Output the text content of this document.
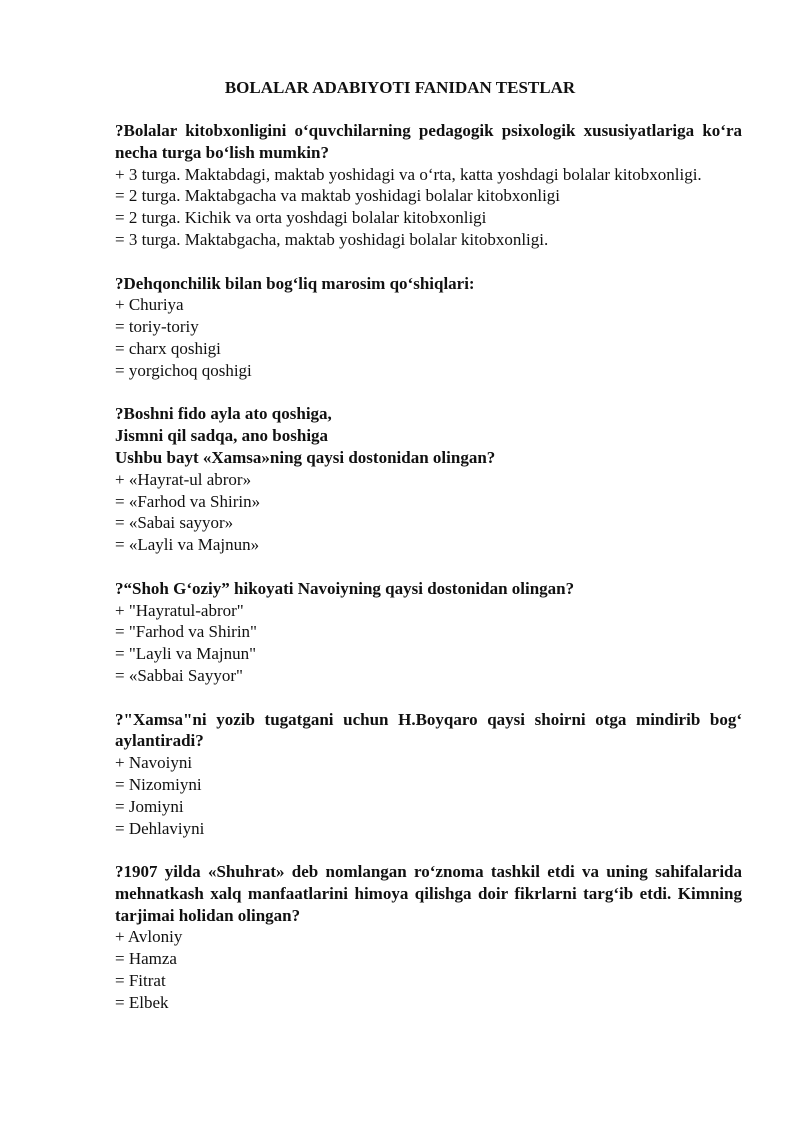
BOLALAR ADABIYOTI FANIDAN TESTLAR
?Bolalar kitobxonligini o‘quvchilarning pedagogik psixologik xususiyatlariga ko‘ra necha turga bo‘lish mumkin?
+ 3 turga. Maktabdagi, maktab yoshidagi va o‘rta, katta yoshdagi bolalar kitobxonligi.
= 2 turga. Maktabgacha va maktab yoshidagi bolalar kitobxonligi
= 2 turga. Kichik va orta yoshdagi bolalar kitobxonligi
= 3 turga. Maktabgacha, maktab yoshidagi bolalar kitobxonligi.
?Dehqonchilik bilan bog‘liq marosim qo‘shiqlari:
+ Churiya
= toriy-toriy
= charx qoshigi
= yorgichoq qoshigi
?Boshni fido ayla ato qoshiga,
Jismni qil sadqa, ano boshiga
Ushbu bayt «Xamsa»ning qaysi dostonidan olingan?
+ «Hayrat-ul abror»
= «Farhod va Shirin»
= «Sabai sayyor»
= «Layli va Majnun»
?“Shoh G‘oziy” hikoyati Navoiyning qaysi dostonidan olingan?
+ "Hayratul-abror"
= "Farhod va Shirin"
= "Layli va Majnun"
= «Sabbai Sayyor"
?"Xamsa"ni yozib tugatgani uchun H.Boyqaro qaysi shoirni otga mindirib bog‘ aylantiradi?
+ Navoiyni
= Nizomiyni
= Jomiyni
= Dehlaviyni
?1907 yilda «Shuhrat» deb nomlangan ro‘znoma tashkil etdi va uning sahifalarida mehnatkash xalq manfaatlarini himoya qilishga doir fikrlarni targ‘ib etdi. Kimning tarjimai holidan olingan?
+ Avloniy
= Hamza
= Fitrat
= Elbek
